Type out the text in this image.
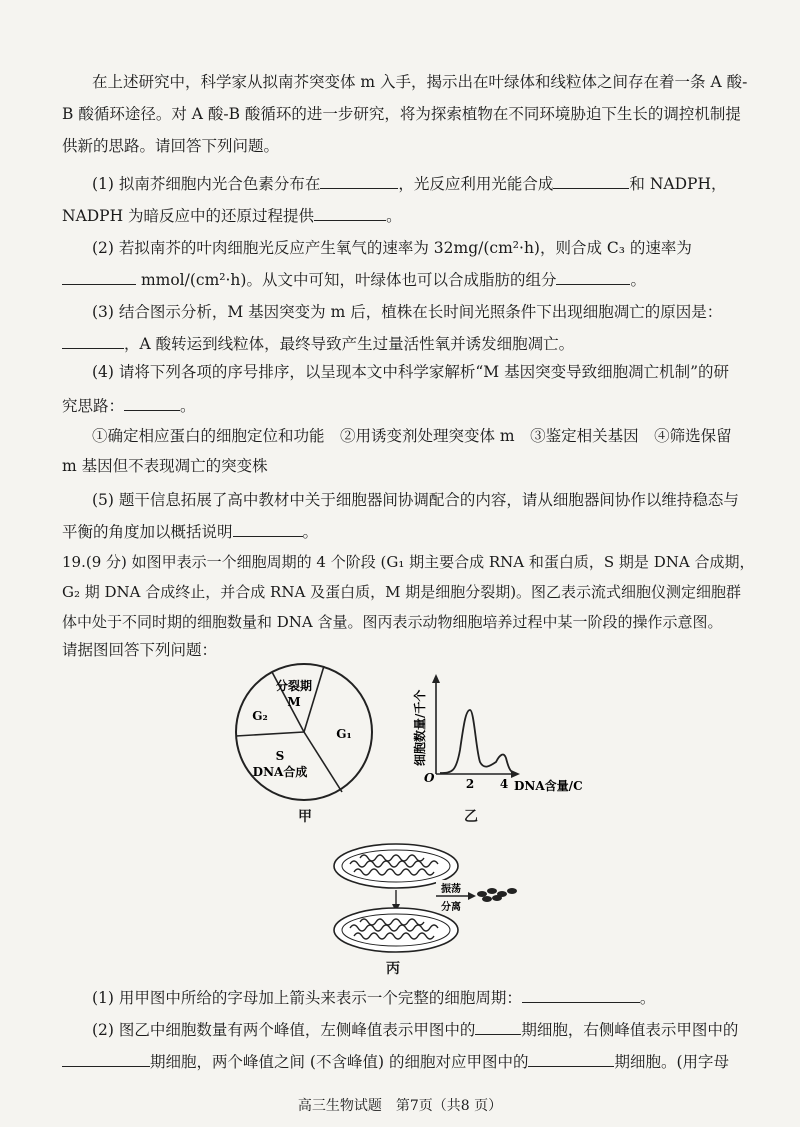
在上述研究中，科学家从拟南芥突变体 m 入手，揭示出在叶绿体和线粒体之间存在着一条 A 酸-
B 酸循环途径。对 A 酸-B 酸循环的进一步研究，将为探索植物在不同环境胁迫下生长的调控机制提
供新的思路。请回答下列问题。
(1) 拟南芥细胞内光合色素分布在	，光反应利用光能合成	和 NADPH，
NADPH 为暗反应中的还原过程提供	。
(2) 若拟南芥的叶肉细胞光反应产生氧气的速率为 32mg/(cm²·h)，则合成 C₃ 的速率为
mmol/(cm²·h)。从文中可知，叶绿体也可以合成脂肪的组分	。
(3) 结合图示分析，M 基因突变为 m 后，植株在长时间光照条件下出现细胞凋亡的原因是：
，A 酸转运到线粒体，最终导致产生过量活性氧并诱发细胞凋亡。
(4) 请将下列各项的序号排序，以呈现本文中科学家解析“M 基因突变导致细胞凋亡机制”的研
究思路：	。
①确定相应蛋白的细胞定位和功能　②用诱变剂处理突变体 m　③鉴定相关基因　④筛选保留
m 基因但不表现凋亡的突变株
(5) 题干信息拓展了高中教材中关于细胞器间协调配合的内容，请从细胞器间协作以维持稳态与
平衡的角度加以概括说明	。
19.(9 分) 如图甲表示一个细胞周期的 4 个阶段 (G₁ 期主要合成 RNA 和蛋白质，S 期是 DNA 合成期，
G₂ 期 DNA 合成终止，并合成 RNA 及蛋白质，M 期是细胞分裂期)。图乙表示流式细胞仪测定细胞群
体中处于不同时期的细胞数量和 DNA 含量。图丙表示动物细胞培养过程中某一阶段的操作示意图。
请据图回答下列问题：
分裂期
M
G₂
G₁
S
DNA合成
甲
O	2 4 DNA含量/C
细胞数量/千个
乙
振荡
分离
丙
(1) 用甲图中所给的字母加上箭头来表示一个完整的细胞周期：	。
(2) 图乙中细胞数量有两个峰值，左侧峰值表示甲图中的	期细胞，右侧峰值表示甲图中的
期细胞，两个峰值之间 (不含峰值) 的细胞对应甲图中的	期细胞。(用字母
高三生物试题　第7页（共8 页）
